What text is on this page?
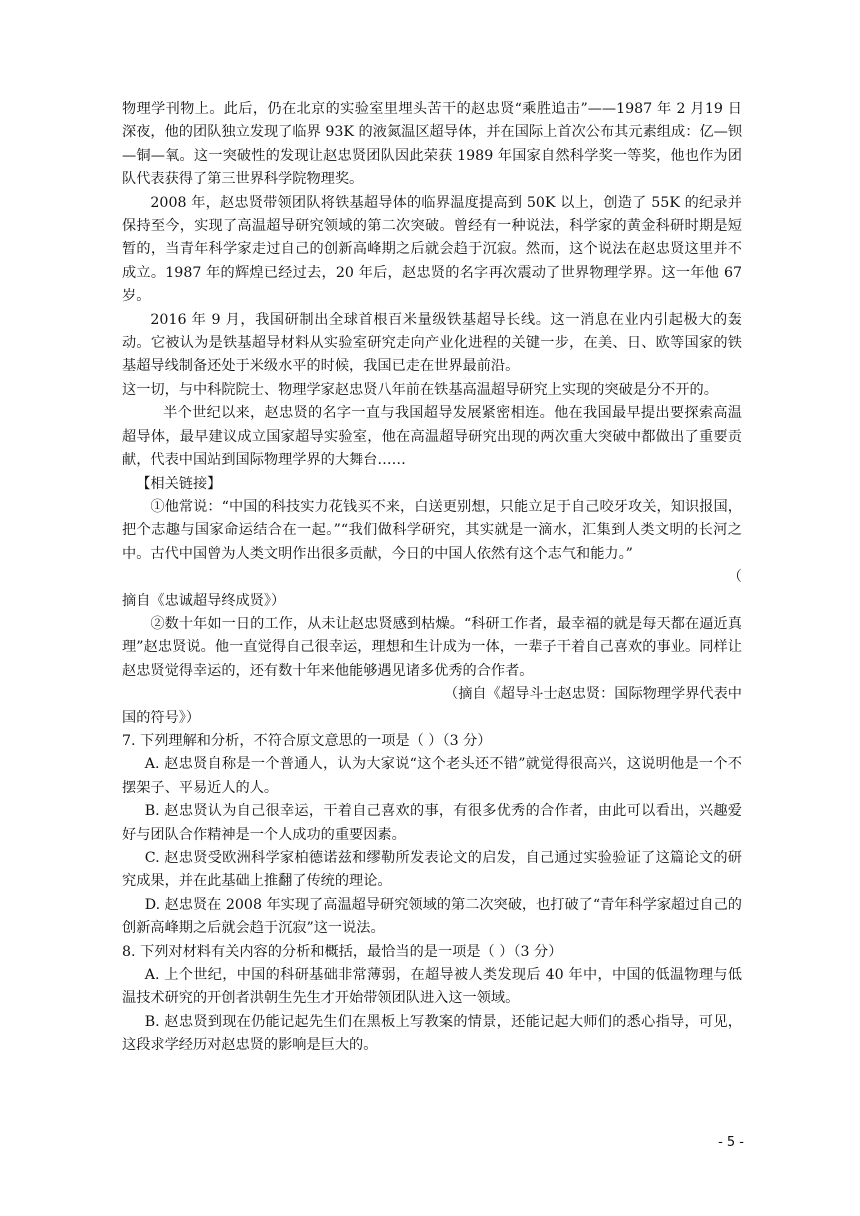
物理学刊物上。此后，仍在北京的实验室里埋头苦干的赵忠贤“乘胜追击”——1987 年 2 月19 日深夜，他的团队独立发现了临界 93K 的液氮温区超导体，并在国际上首次公布其元素组成：亿—钡—铜—氧。这一突破性的发现让赵忠贤团队因此荣获 1989 年国家自然科学奖一等奖，他也作为团队代表获得了第三世界科学院物理奖。

2008 年，赵忠贤带领团队将铁基超导体的临界温度提高到 50K 以上，创造了 55K 的纪录并保持至今，实现了高温超导研究领域的第二次突破。曾经有一种说法，科学家的黄金科研时期是短暂的，当青年科学家走过自己的创新高峰期之后就会趋于沉寂。然而，这个说法在赵忠贤这里并不成立。1987 年的辉煌已经过去，20 年后，赵忠贤的名字再次震动了世界物理学界。这一年他 67 岁。

2016 年 9 月，我国研制出全球首根百米量级铁基超导长线。这一消息在业内引起极大的轰动。它被认为是铁基超导材料从实验室研究走向产业化进程的关键一步，在美、日、欧等国家的铁基超导线制备还处于米级水平的时候，我国已走在世界最前沿。

这一切，与中科院院士、物理学家赵忠贤八年前在铁基高温超导研究上实现的突破是分不开的。

半个世纪以来，赵忠贤的名字一直与我国超导发展紧密相连。他在我国最早提出要探索高温超导体，最早建议成立国家超导实验室，他在高温超导研究出现的两次重大突破中都做出了重要贡献，代表中国站到国际物理学界的大舞台……

【相关链接】

①他常说：“中国的科技实力花钱买不来，白送更别想，只能立足于自己咬牙攻关，知识报国，把个志趣与国家命运结合在一起。”“我们做科学研究，其实就是一滴水，汇集到人类文明的长河之中。古代中国曾为人类文明作出很多贡献，今日的中国人依然有这个志气和能力。”

（

摘自《忠诚超导终成贤》）

②数十年如一日的工作，从未让赵忠贤感到枯燥。“科研工作者，最幸福的就是每天都在逼近真理”赵忠贤说。他一直觉得自己很幸运，理想和生计成为一体，一辈子干着自己喜欢的事业。同样让赵忠贤觉得幸运的，还有数十年来他能够遇见诸多优秀的合作者。

（摘自《超导斗士赵忠贤：国际物理学界代表中

国的符号》）

7. 下列理解和分析，不符合原文意思的一项是（ ）（3 分）

A. 赵忠贤自称是一个普通人，认为大家说“这个老头还不错”就觉得很高兴，这说明他是一个不摆架子、平易近人的人。

B. 赵忠贤认为自己很幸运，干着自己喜欢的事，有很多优秀的合作者，由此可以看出，兴趣爱好与团队合作精神是一个人成功的重要因素。

C. 赵忠贤受欧洲科学家柏德诺兹和缪勒所发表论文的启发，自己通过实验验证了这篇论文的研究成果，并在此基础上推翻了传统的理论。

D. 赵忠贤在 2008 年实现了高温超导研究领域的第二次突破，也打破了“青年科学家超过自己的创新高峰期之后就会趋于沉寂”这一说法。

8. 下列对材料有关内容的分析和概括，最恰当的是一项是（ ）（3 分）

A. 上个世纪，中国的科研基础非常薄弱，在超导被人类发现后 40 年中，中国的低温物理与低温技术研究的开创者洪朝生先生才开始带领团队进入这一领域。

B. 赵忠贤到现在仍能记起先生们在黑板上写教案的情景，还能记起大师们的悉心指导，可见，这段求学经历对赵忠贤的影响是巨大的。

- 5 -
